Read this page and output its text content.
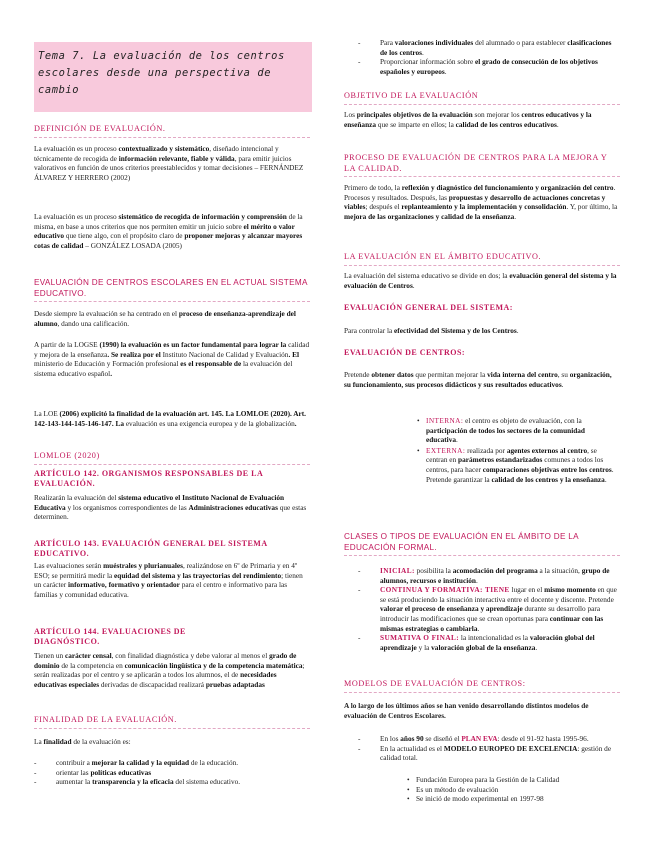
Tema 7. La evaluación de los centros escolares desde una perspectiva de cambio

DEFINICIÓN DE EVALUACIÓN.

La evaluación es un proceso contextualizado y sistemático, diseñado intencional y técnicamente de recogida de información relevante, fiable y válida, para emitir juicios valorativos en función de unos criterios preestablecidos y tomar decisiones – FERNÁNDEZ ÁLVAREZ Y HERRERO (2002)

La evaluación es un proceso sistemático de recogida de información y comprensión de la misma, en base a unos criterios que nos permiten emitir un juicio sobre el mérito o valor educativo que tiene algo, con el propósito claro de proponer mejoras y alcanzar mayores cotas de calidad – GONZÁLEZ LOSADA (2005)

EVALUACIÓN DE CENTROS ESCOLARES EN EL ACTUAL SISTEMA EDUCATIVO.

Desde siempre la evaluación se ha centrado en el proceso de enseñanza-aprendizaje del alumno, dando una calificación.

A partir de la LOGSE (1990) la evaluación es un factor fundamental para lograr la calidad y mejora de la enseñanza. Se realiza por el Instituto Nacional de Calidad y Evaluación. El ministerio de Educación y Formación profesional es el responsable de la evaluación del sistema educativo español.

La LOE (2006) explicitó la finalidad de la evaluación art. 145. La LOMLOE (2020). Art. 142-143-144-145-146-147. La evaluación es una exigencia europea y de la globalización.

LOMLOE (2020)

ARTÍCULO 142. ORGANISMOS RESPONSABLES DE LA EVALUACIÓN.

Realizarán la evaluación del sistema educativo el Instituto Nacional de Evaluación Educativa y los organismos correspondientes de las Administraciones educativas que estas determinen.

ARTÍCULO 143. EVALUACIÓN GENERAL DEL SISTEMA EDUCATIVO.

Las evaluaciones serán muéstrales y plurianuales, realizándose en 6º de Primaria y en 4º ESO; se permitirá medir la equidad del sistema y las trayectorias del rendimiento; tienen un carácter informativo, formativo y orientador para el centro e informativo para las familias y comunidad educativa.

ARTÍCULO 144. EVALUACIONES DE DIAGNÓSTICO.

Tienen un carácter censal, con finalidad diagnóstica y debe valorar al menos el grado de dominio de la competencia en comunicación lingüística y de la competencia matemática; serán realizadas por el centro y se aplicarán a todos los alumnos, el de necesidades educativas especiales derivadas de discapacidad realizará pruebas adaptadas

FINALIDAD DE LA EVALUACIÓN.

La finalidad de la evaluación es:

- contribuir a mejorar la calidad y la equidad de la educación.
- orientar las políticas educativas
- aumentar la transparencia y la eficacia del sistema educativo.
- Para valoraciones individuales del alumnado o para establecer clasificaciones de los centros.
- Proporcionar información sobre el grado de consecución de los objetivos españoles y europeos.

OBJETIVO DE LA EVALUACIÓN

Los principales objetivos de la evaluación son mejorar los centros educativos y la enseñanza que se imparte en ellos; la calidad de los centros educativos.

PROCESO DE EVALUACIÓN DE CENTROS PARA LA MEJORA Y LA CALIDAD.

Primero de todo, la reflexión y diagnóstico del funcionamiento y organización del centro. Procesos y resultados. Después, las propuestas y desarrollo de actuaciones concretas y viables; después el replanteamiento y la implementación y consolidación. Y, por último, la mejora de las organizaciones y calidad de la enseñanza.

LA EVALUACIÓN EN EL ÁMBITO EDUCATIVO.

La evaluación del sistema educativo se divide en dos; la evaluación general del sistema y la evaluación de Centros.

EVALUACIÓN GENERAL DEL SISTEMA:

Para controlar la efectividad del Sistema y de los Centros.

EVALUACIÓN DE CENTROS:

Pretende obtener datos que permitan mejorar la vida interna del centro, su organización, su funcionamiento, sus procesos didácticos y sus resultados educativos.

• INTERNA: el centro es objeto de evaluación, con la participación de todos los sectores de la comunidad educativa.
• EXTERNA: realizada por agentes externos al centro, se centran en parámetros estandarizados comunes a todos los centros, para hacer comparaciones objetivas entre los centros. Pretende garantizar la calidad de los centros y la enseñanza.

CLASES O TIPOS DE EVALUACIÓN EN EL ÁMBITO DE LA EDUCACIÓN FORMAL.

- INICIAL: posibilita la acomodación del programa a la situación, grupo de alumnos, recursos e institución.
- CONTINUA Y FORMATIVA: TIENE lugar en el mismo momento en que se está produciendo la situación interactiva entre el docente y discente. Pretende valorar el proceso de enseñanza y aprendizaje durante su desarrollo para introducir las modificaciones que se crean oportunas para continuar con las mismas estrategias o cambiarla.
- SUMATIVA O FINAL: la intencionalidad es la valoración global del aprendizaje y la valoración global de la enseñanza.

MODELOS DE EVALUACIÓN DE CENTROS:

A lo largo de los últimos años se han venido desarrollando distintos modelos de evaluación de Centros Escolares.

- En los años 90 se diseñó el PLAN EVA: desde el 91-92 hasta 1995-96.
- En la actualidad es el MODELO EUROPEO DE EXCELENCIA: gestión de calidad total.
• Fundación Europea para la Gestión de la Calidad
• Es un método de evaluación
• Se inició de modo experimental en 1997-98
